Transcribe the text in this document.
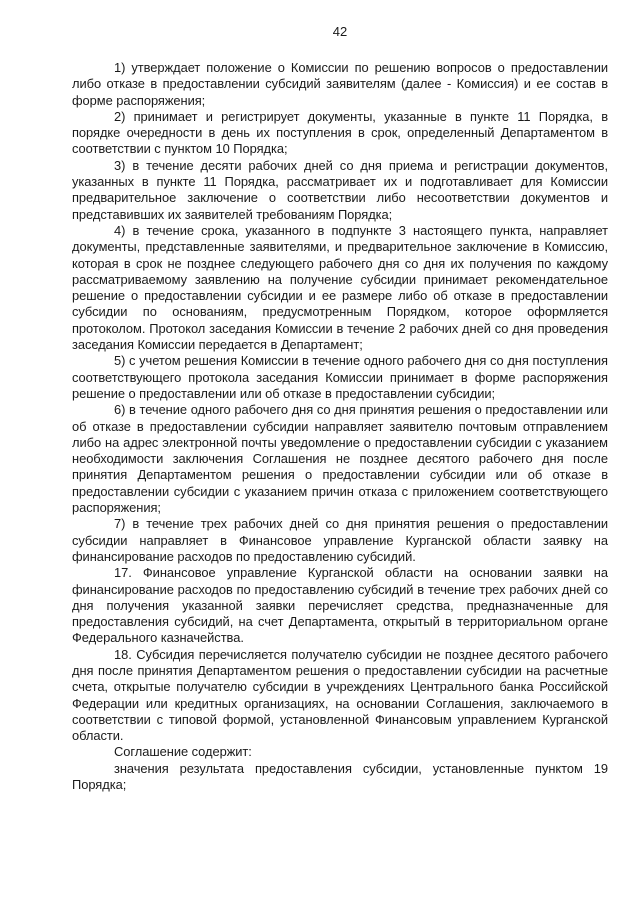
42

1) утверждает положение о Комиссии по решению вопросов о предоставлении либо отказе в предоставлении субсидий заявителям (далее - Комиссия) и ее состав в форме распоряжения;

2) принимает и регистрирует документы, указанные в пункте 11 Порядка, в порядке очередности в день их поступления в срок, определенный Департаментом в соответствии с пунктом 10 Порядка;

3) в течение десяти рабочих дней со дня приема и регистрации документов, указанных в пункте 11 Порядка, рассматривает их и подготавливает для Комиссии предварительное заключение о соответствии либо несоответствии документов и представивших их заявителей требованиям Порядка;

4) в течение срока, указанного в подпункте 3 настоящего пункта, направляет документы, представленные заявителями, и предварительное заключение в Комиссию, которая в срок не позднее следующего рабочего дня со дня их получения по каждому рассматриваемому заявлению на получение субсидии принимает рекомендательное решение о предоставлении субсидии и ее размере либо об отказе в предоставлении субсидии по основаниям, предусмотренным Порядком, которое оформляется протоколом. Протокол заседания Комиссии в течение 2 рабочих дней со дня проведения заседания Комиссии передается в Департамент;

5) с учетом решения Комиссии в течение одного рабочего дня со дня поступления соответствующего протокола заседания Комиссии принимает в форме распоряжения решение о предоставлении или об отказе в предоставлении субсидии;

6) в течение одного рабочего дня со дня принятия решения о предоставлении или об отказе в предоставлении субсидии направляет заявителю почтовым отправлением либо на адрес электронной почты уведомление о предоставлении субсидии с указанием необходимости заключения Соглашения не позднее десятого рабочего дня после принятия Департаментом решения о предоставлении субсидии или об отказе в предоставлении субсидии с указанием причин отказа с приложением соответствующего распоряжения;

7) в течение трех рабочих дней со дня принятия решения о предоставлении субсидии направляет в Финансовое управление Курганской области заявку на финансирование расходов по предоставлению субсидий.

17. Финансовое управление Курганской области на основании заявки на финансирование расходов по предоставлению субсидий в течение трех рабочих дней со дня получения указанной заявки перечисляет средства, предназначенные для предоставления субсидий, на счет Департамента, открытый в территориальном органе Федерального казначейства.

18. Субсидия перечисляется получателю субсидии не позднее десятого рабочего дня после принятия Департаментом решения о предоставлении субсидии на расчетные счета, открытые получателю субсидии в учреждениях Центрального банка Российской Федерации или кредитных организациях, на основании Соглашения, заключаемого в соответствии с типовой формой, установленной Финансовым управлением Курганской области.

Соглашение содержит:

значения результата предоставления субсидии, установленные пунктом 19 Порядка;
